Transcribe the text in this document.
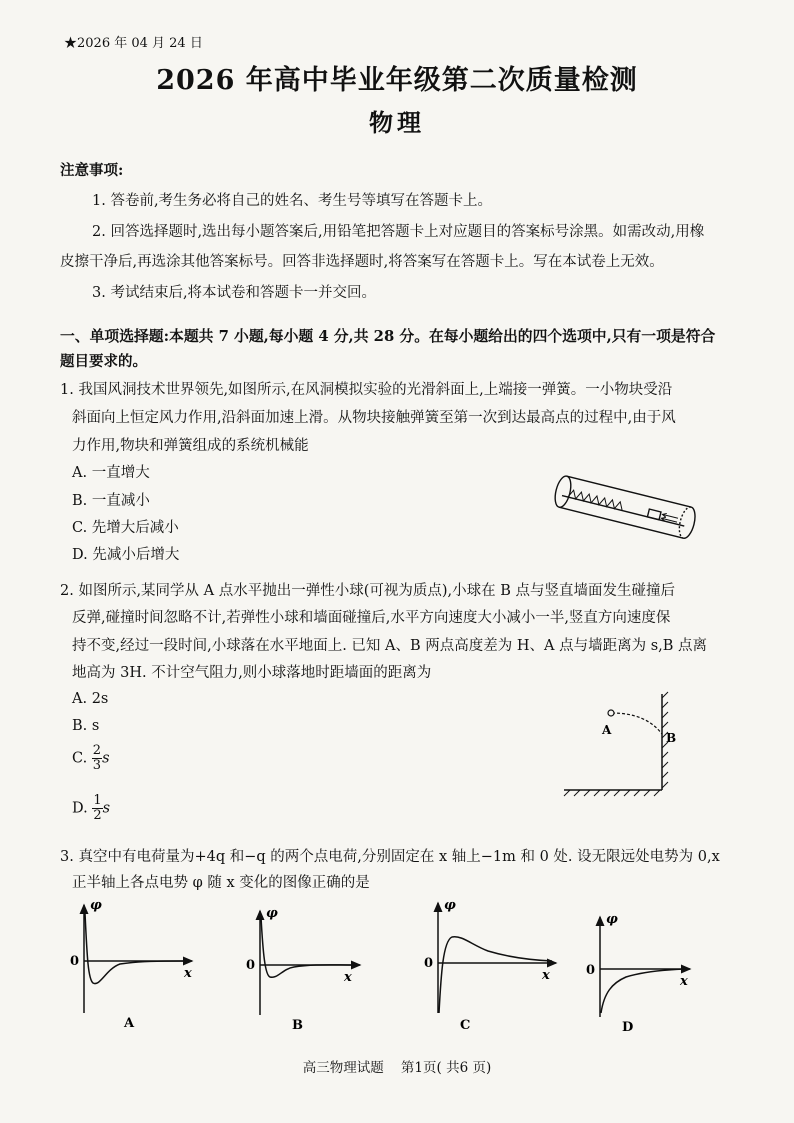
★2026 年 04 月 24 日
2026 年高中毕业年级第二次质量检测
物理
注意事项:
1. 答卷前,考生务必将自己的姓名、考生号等填写在答题卡上。
2. 回答选择题时,选出每小题答案后,用铅笔把答题卡上对应题目的答案标号涂黑。如需改动,用橡
皮擦干净后,再选涂其他答案标号。回答非选择题时,将答案写在答题卡上。写在本试卷上无效。
3. 考试结束后,将本试卷和答题卡一并交回。
一、单项选择题:本题共 7 小题,每小题 4 分,共 28 分。在每小题给出的四个选项中,只有一项是符合
题目要求的。
1. 我国风洞技术世界领先,如图所示,在风洞模拟实验的光滑斜面上,上端接一弹簧。一小物块受沿
斜面向上恒定风力作用,沿斜面加速上滑。从物块接触弹簧至第一次到达最高点的过程中,由于风
力作用,物块和弹簧组成的系统机械能
A. 一直增大
B. 一直减小
C. 先增大后减小
D. 先减小后增大
2. 如图所示,某同学从 A 点水平抛出一弹性小球(可视为质点),小球在 B 点与竖直墙面发生碰撞后
反弹,碰撞时间忽略不计,若弹性小球和墙面碰撞后,水平方向速度大小减小一半,竖直方向速度保
持不变,经过一段时间,小球落在水平地面上. 已知 A、B 两点高度差为 H、A 点与墙距离为 s,B 点离
地高为 3H. 不计空气阻力,则小球落地时距墙面的距离为
A. 2s
B. s
C. $\frac{2}{3}$ s
D. $\frac{1}{2}$ s
A
B
3. 真空中有电荷量为+4q 和−q 的两个点电荷,分别固定在 x 轴上−1m 和 0 处. 设无限远处电势为 0,x
正半轴上各点电势 φ 随 x 变化的图像正确的是
φ
0
x
A
φ
0
x
B
φ
0
x
C
φ
0
x
D
高三物理试题    第1页( 共6 页)
